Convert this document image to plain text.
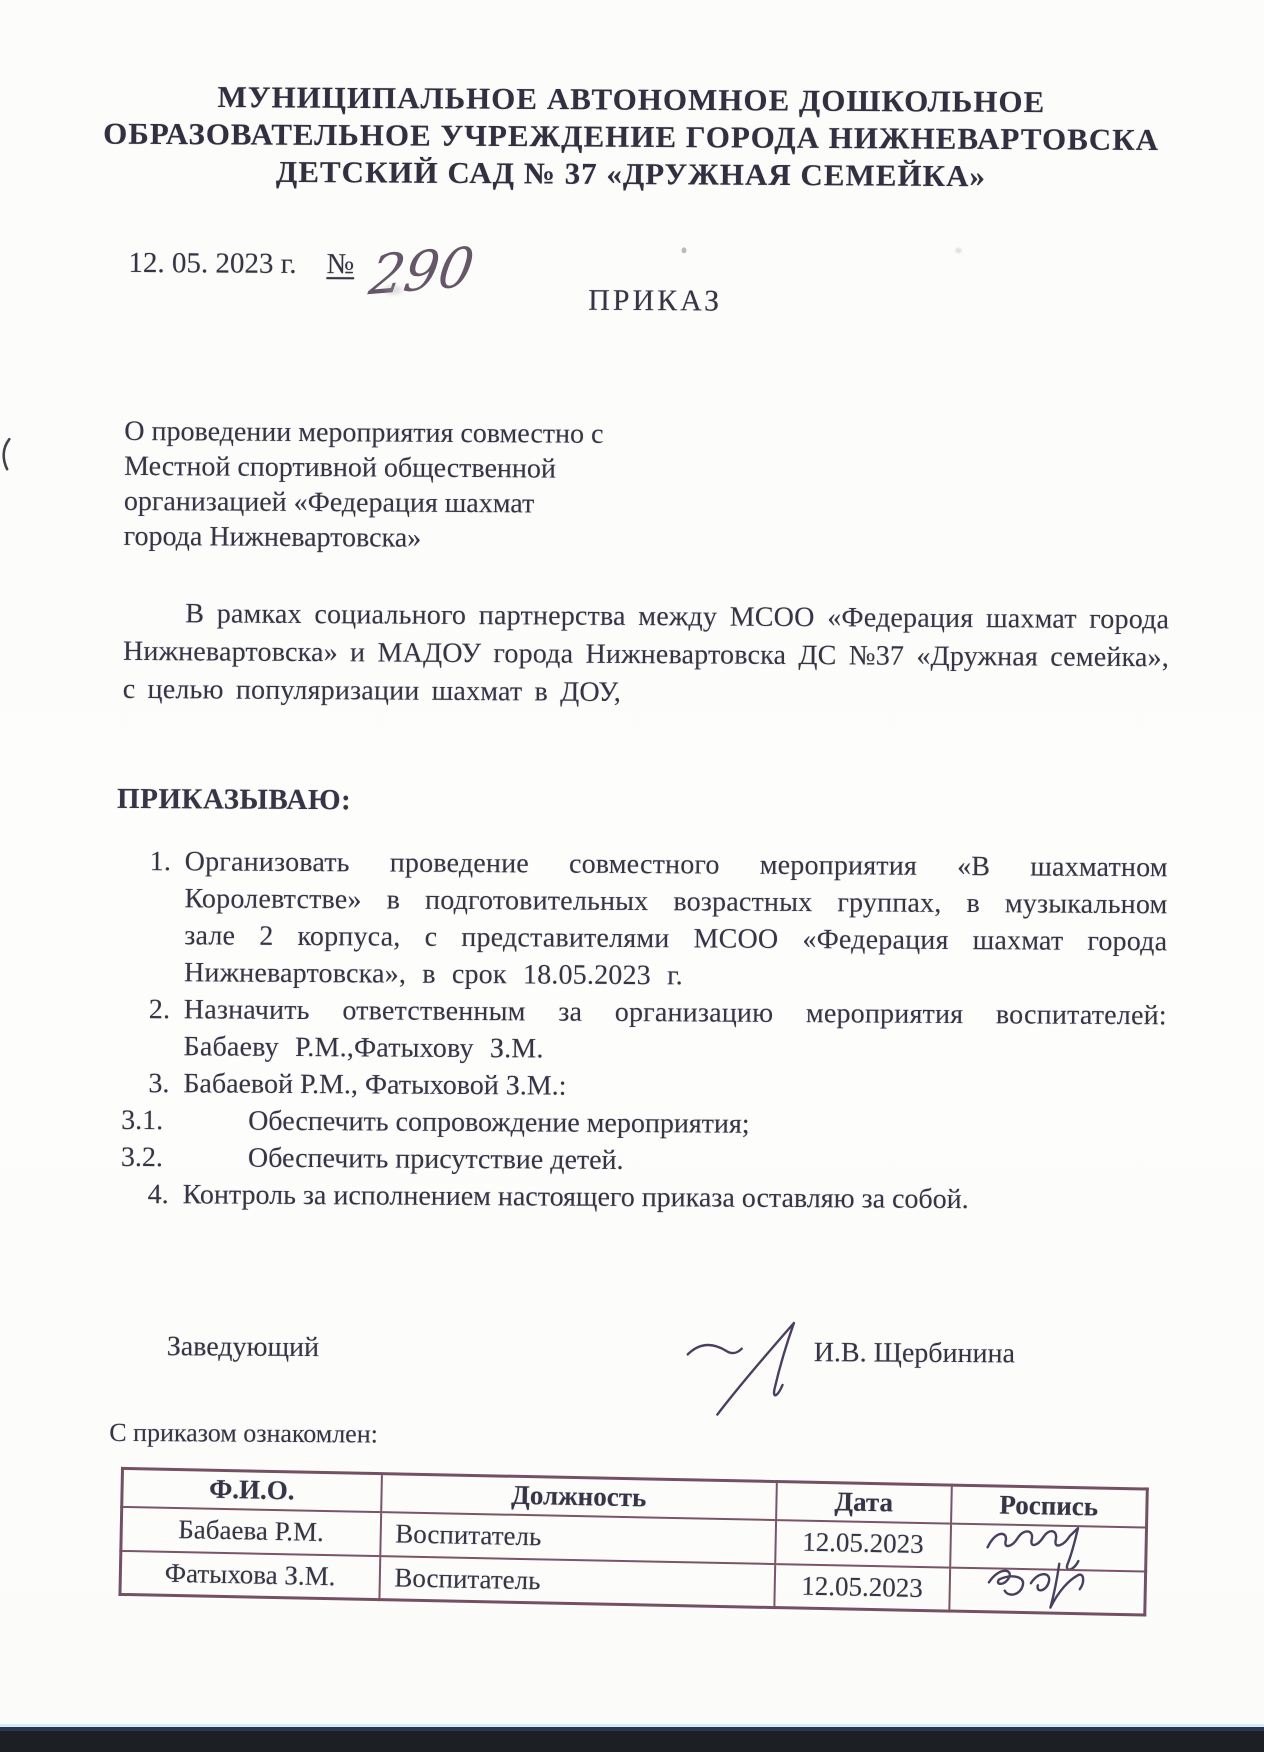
МУНИЦИПАЛЬНОЕ АВТОНОМНОЕ ДОШКОЛЬНОЕ
ОБРАЗОВАТЕЛЬНОЕ УЧРЕЖДЕНИЕ ГОРОДА НИЖНЕВАРТОВСКА
ДЕТСКИЙ САД № 37 «ДРУЖНАЯ СЕМЕЙКА»
12. 05. 2023 г. № 290	ПРИКАЗ
О проведении мероприятия совместно с
Местной спортивной общественной
организацией «Федерация шахмат
города Нижневартовска»

В рамках социального партнерства между МСОО «Федерация шахмат города Нижневартовска» и МАДОУ города Нижневартовска ДС №37 «Дружная семейка», с целью популяризации шахмат в ДОУ,

ПРИКАЗЫВАЮ:
1. Организовать проведение совместного мероприятия «В шахматном Королевтстве» в подготовительных возрастных группах, в музыкальном зале 2 корпуса, с представителями МСОО «Федерация шахмат города Нижневартовска», в срок 18.05.2023 г.
2. Назначить ответственным за организацию мероприятия воспитателей: Бабаеву Р.М.,Фатыхову З.М.
3. Бабаевой Р.М., Фатыховой З.М.:
3.1.	Обеспечить сопровождение мероприятия;
3.2.	Обеспечить присутствие детей.
4. Контроль за исполнением настоящего приказа оставляю за собой.
Заведующий	И.В. Щербинина
С приказом ознакомлен:
Ф.И.О.	Должность	Дата	Роспись
Бабаева Р.М.	Воспитатель	12.05.2023	

Фатыхова З.М.	Воспитатель	12.05.2023	
